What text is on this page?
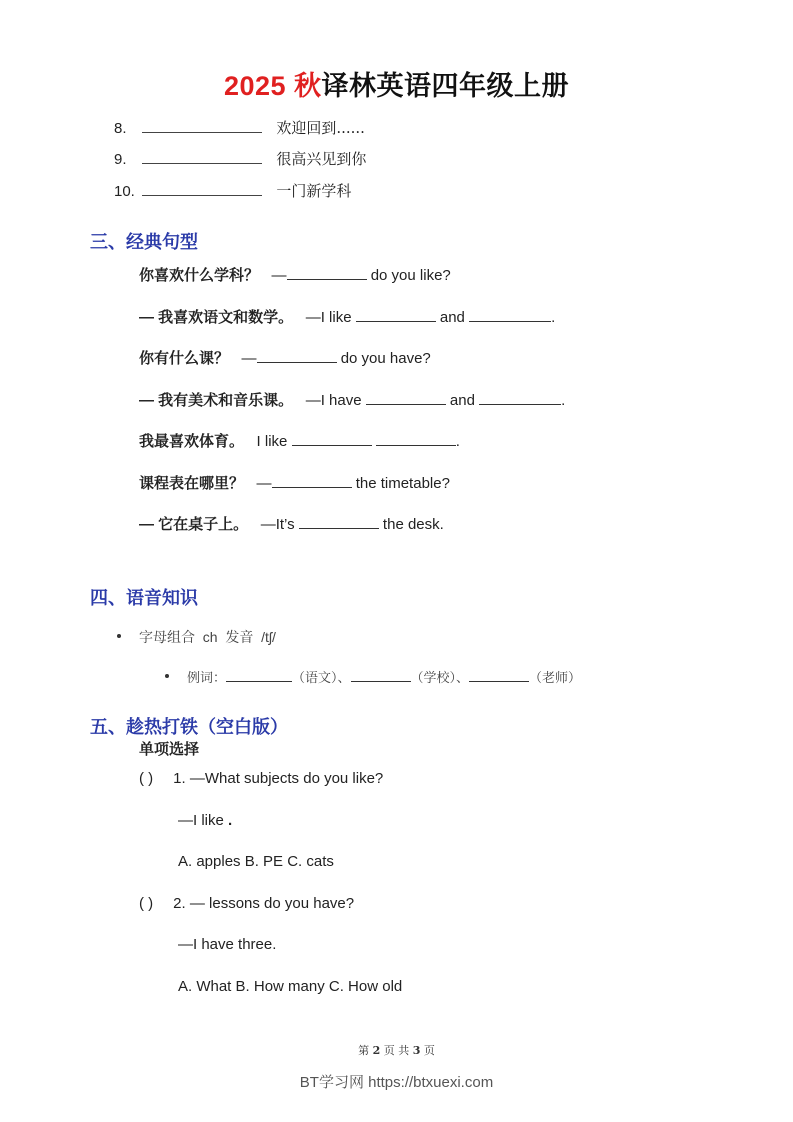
2025 秋译林英语四年级上册
8.	欢迎回到......
9.	很高兴见到你
10.	一门新学科
三、经典句型
你喜欢什么学科？ —	do you like?
— 我喜欢语文和数学。 —I like	and	.
你有什么课？ —	do you have?
— 我有美术和音乐课。 —I have	and	.
我最喜欢体育。 I like	.
课程表在哪里？ —	the timetable?
— 它在桌子上。 —It’s	the desk.
四、语音知识
字母组合 ch 发音 /tʃ/
例词：	（语文）、	（学校）、	（老师）
五、趁热打铁（空白版）
单项选择
( ) 1. —What subjects do you like?
—I like .
A. apples B. PE C. cats
( ) 2. — lessons do you have?
—I have three.
A. What B. How many C. How old
第 2 页 共 3 页
BT学习网 https://btxuexi.com
